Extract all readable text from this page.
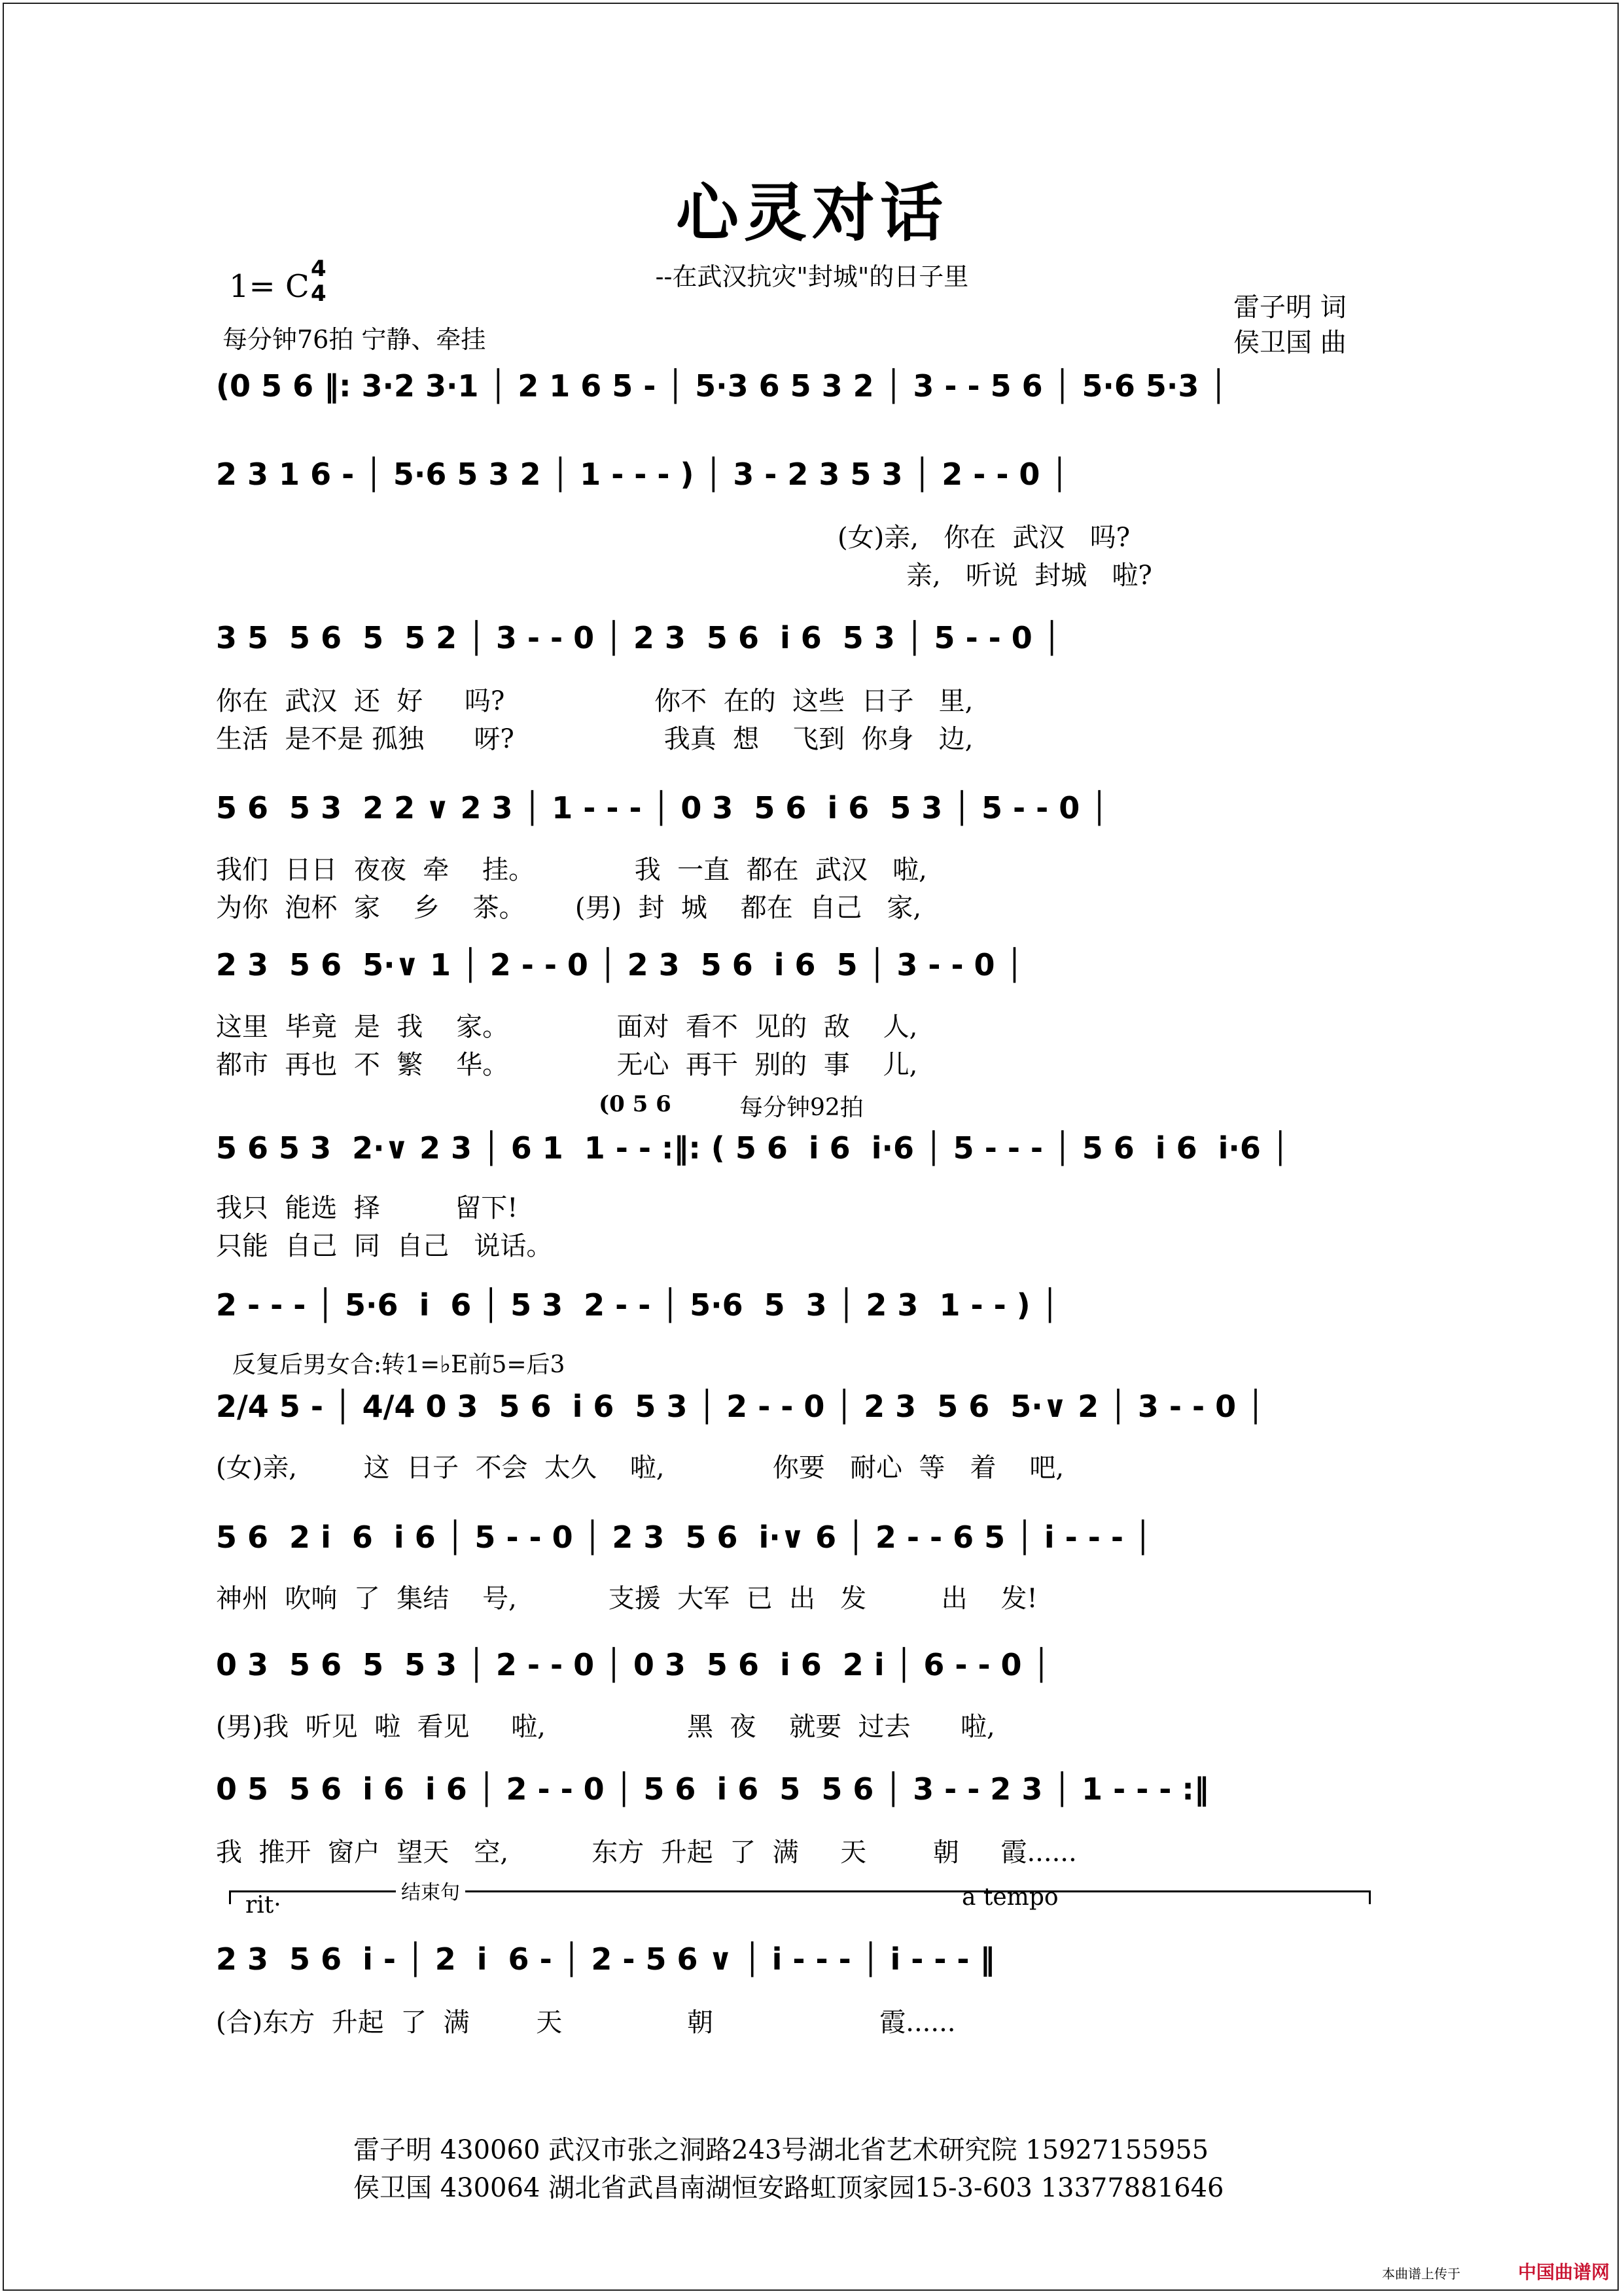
心灵对话
--在武汉抗灾"封城"的日子里
1= C 4
4
每分钟76拍 宁静、牵挂
雷子明 词
侯卫国 曲
(0 5 6 ‖: 3·2 3·1 │ 2 1 6 5 - │ 5·3 6 5 3 2 │ 3 - - 5 6 │ 5·6 5·3 │
2 3 1 6 - │ 5·6 5 3 2 │ 1 - - - ) │ 3 - 2 3 5 3 │ 2 - - 0 │
(女)亲,   你在  武汉   吗?
亲,   听说  封城   啦?
3 5  5 6  5  5 2 │ 3 - - 0 │ 2 3  5 6  i 6  5 3 │ 5 - - 0 │
你在  武汉  还  好     吗?                  你不  在的  这些  日子   里,
生活  是不是 孤独      呀?                  我真  想    飞到  你身   边,
5 6  5 3  2 2 ∨ 2 3 │ 1 - - - │ 0 3  5 6  i 6  5 3 │ 5 - - 0 │
我们  日日  夜夜  牵    挂。            我  一直  都在  武汉   啦,
为你  泡杯  家    乡    茶。      (男)  封  城    都在  自己   家,
2 3  5 6  5·∨ 1 │ 2 - - 0 │ 2 3  5 6  i 6  5 │ 3 - - 0 │
这里  毕竟  是  我    家。             面对  看不  见的  敌    人,
都市  再也  不  繁    华。             无心  再干  别的  事    儿,
(0 5 6	每分钟92拍
5 6 5 3  2·∨ 2 3 │ 6 1  1 - - :‖: ( 5 6  i 6  i·6 │ 5 - - - │ 5 6  i 6  i·6 │
我只  能选  择         留下!
只能  自己  同  自己   说话。
2 - - - │ 5·6  i  6 │ 5 3  2 - - │ 5·6  5  3 │ 2 3  1 - - ) │
反复后男女合:转1=♭E前5=后3
2/4 5 - │ 4/4 0 3  5 6  i 6  5 3 │ 2 - - 0 │ 2 3  5 6  5·∨ 2 │ 3 - - 0 │
(女)亲,        这  日子  不会  太久    啦,             你要   耐心  等   着    吧,
5 6  2 i  6  i 6 │ 5 - - 0 │ 2 3  5 6  i·∨ 6 │ 2 - - 6 5 │ i - - - │
神州  吹响  了  集结    号,           支援  大军  已  出   发         出    发!
0 3  5 6  5  5 3 │ 2 - - 0 │ 0 3  5 6  i 6  2 i │ 6 - - 0 │
(男)我  听见  啦  看见     啦,                 黑  夜    就要  过去      啦,
0 5  5 6  i 6  i 6 │ 2 - - 0 │ 5 6  i 6  5  5 6 │ 3 - - 2 3 │ 1 - - - :‖
我  推开  窗户  望天   空,          东方  升起  了  满     天        朝     霞......
rit·	结束句	a tempo
2 3  5 6  i - │ 2  i  6 - │ 2 - 5 6 ∨ │ i - - - │ i - - - ‖
(合)东方  升起  了  满        天               朝                    霞......
雷子明 430060 武汉市张之洞路243号湖北省艺术研究院 15927155955
侯卫国 430064 湖北省武昌南湖恒安路虹顶家园15-3-603 13377881646
本曲谱上传于	中国曲谱网
